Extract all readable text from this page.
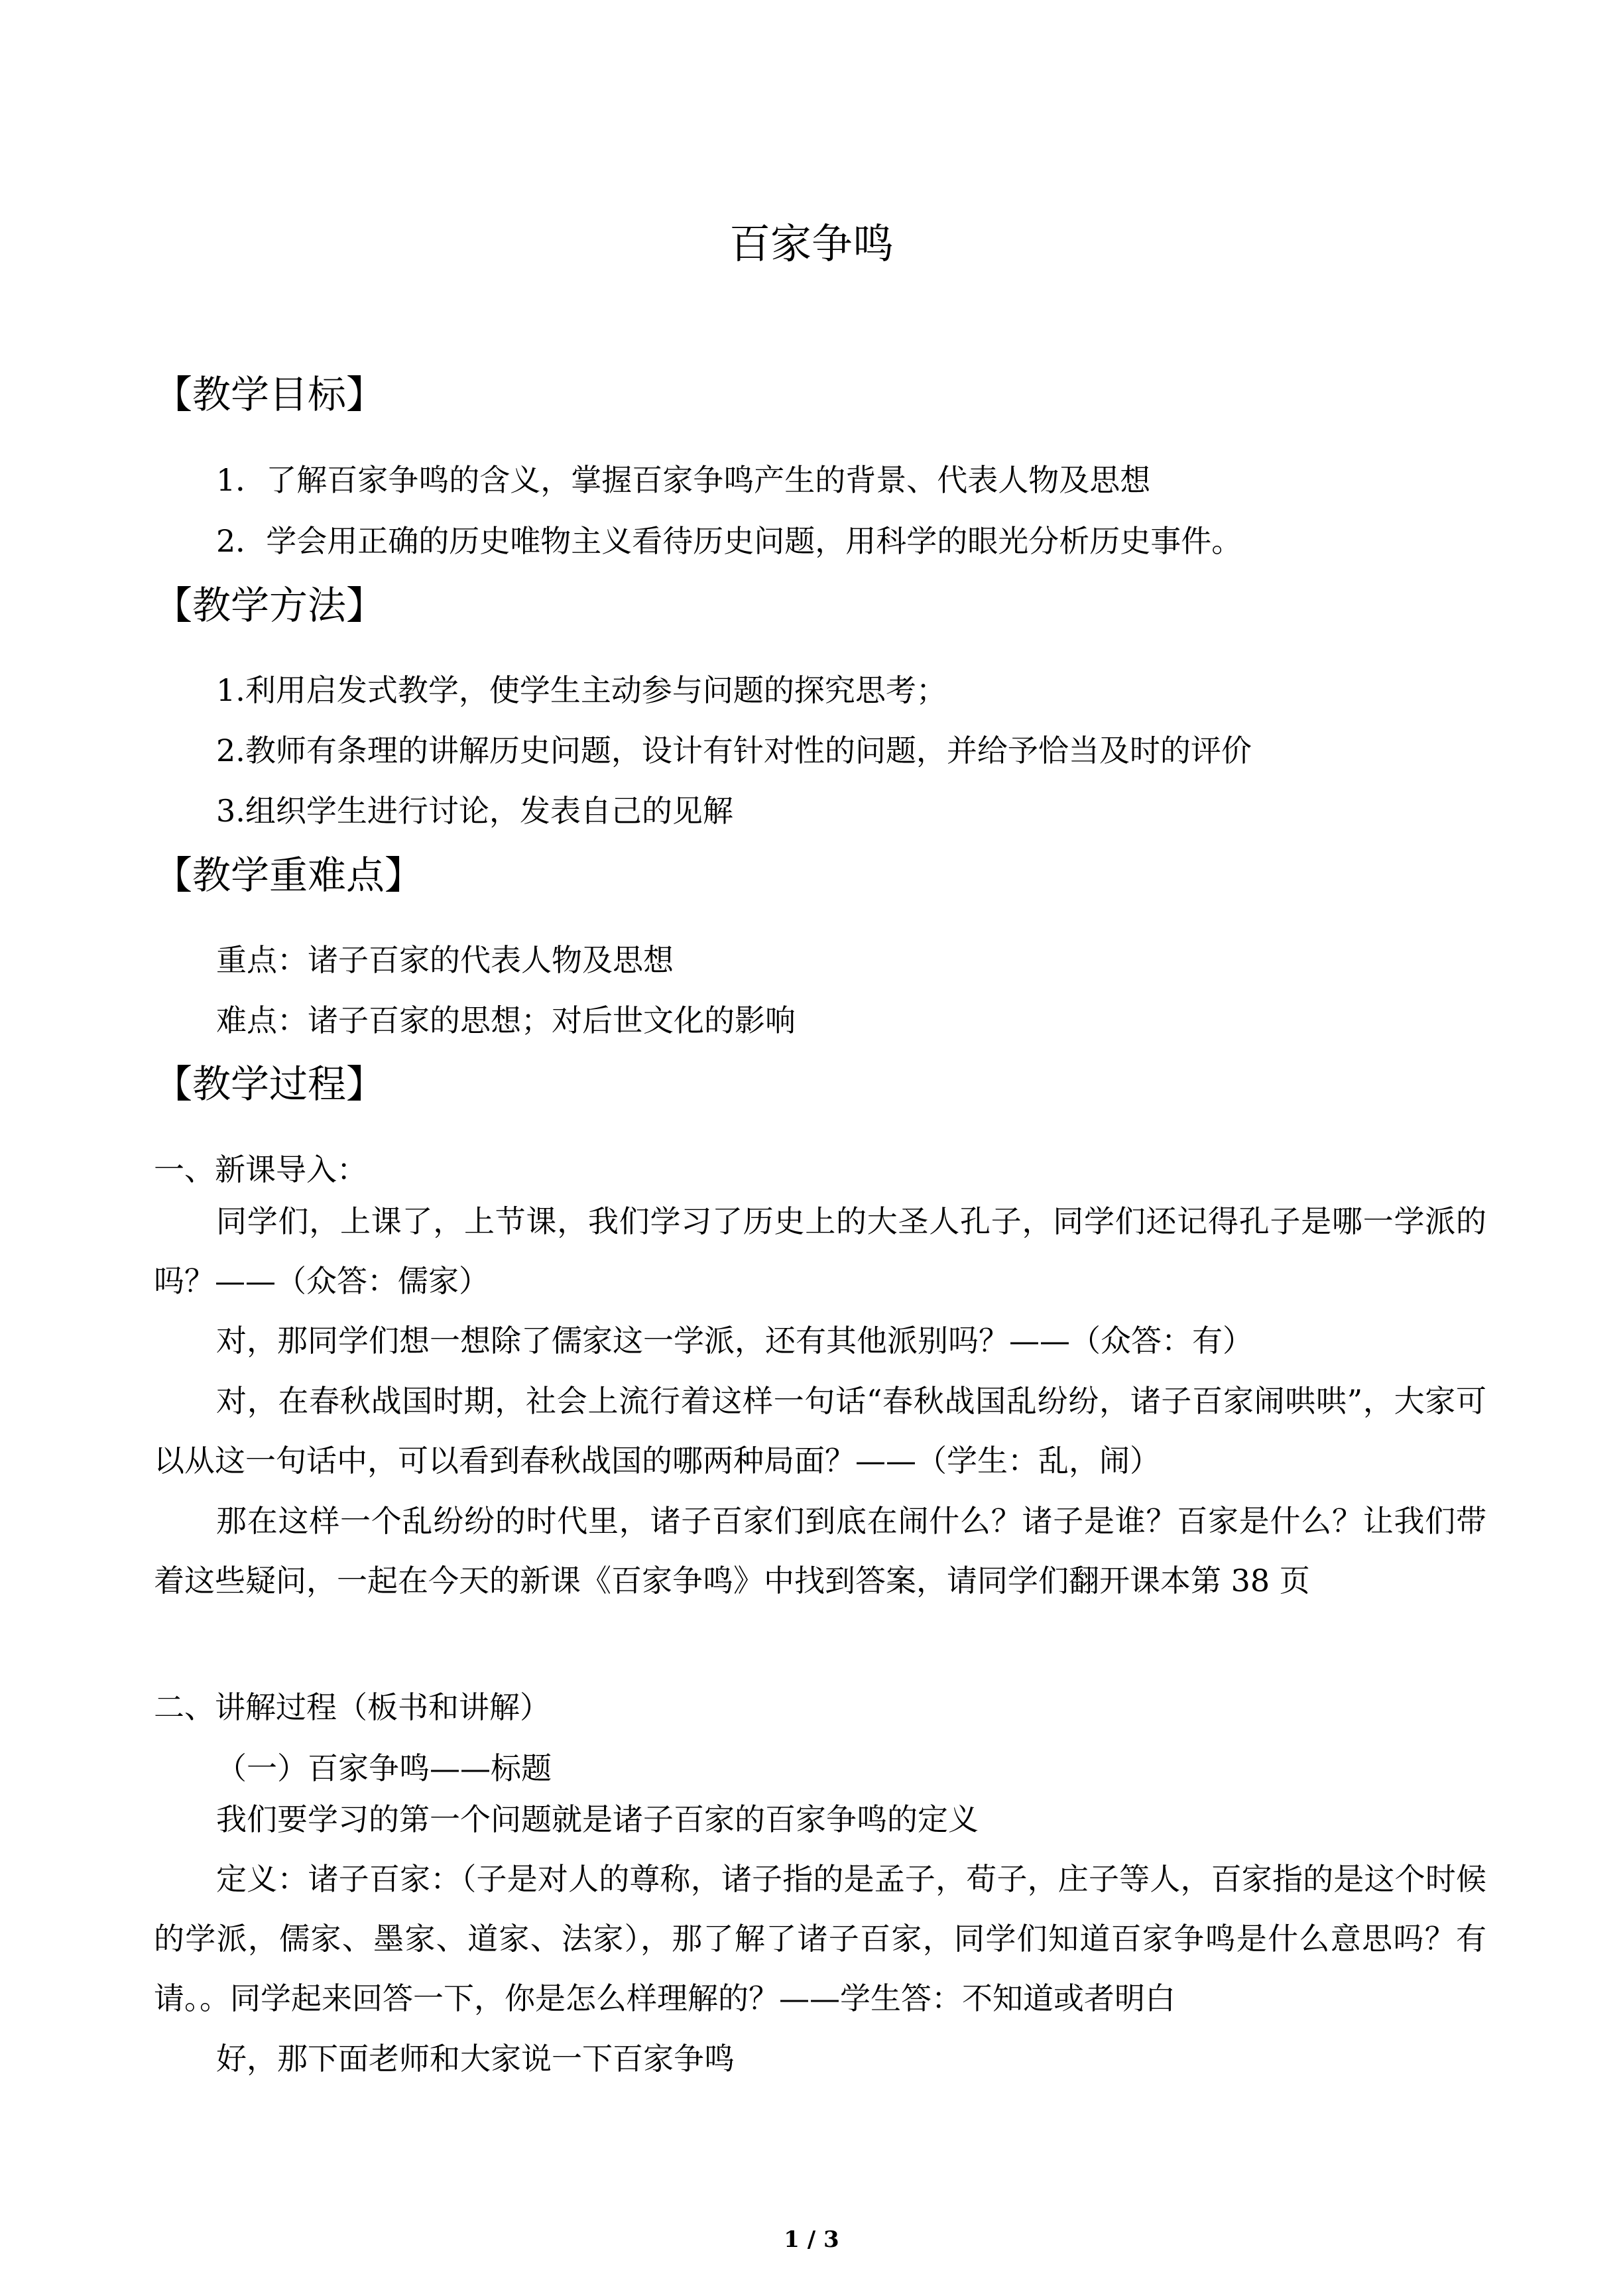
百家争鸣
【教学目标】
1．了解百家争鸣的含义，掌握百家争鸣产生的背景、代表人物及思想
2．学会用正确的历史唯物主义看待历史问题，用科学的眼光分析历史事件。
【教学方法】
1.利用启发式教学，使学生主动参与问题的探究思考；
2.教师有条理的讲解历史问题，设计有针对性的问题，并给予恰当及时的评价
3.组织学生进行讨论，发表自己的见解
【教学重难点】
重点：诸子百家的代表人物及思想
难点：诸子百家的思想；对后世文化的影响
【教学过程】
一、新课导入：
同学们，上课了，上节课，我们学习了历史上的大圣人孔子，同学们还记得孔子是哪一学派的吗？——（众答：儒家）
对，那同学们想一想除了儒家这一学派，还有其他派别吗？——（众答：有）
对，在春秋战国时期，社会上流行着这样一句话“春秋战国乱纷纷，诸子百家闹哄哄”，大家可以从这一句话中，可以看到春秋战国的哪两种局面？——（学生：乱，闹）
那在这样一个乱纷纷的时代里，诸子百家们到底在闹什么？诸子是谁？百家是什么？让我们带着这些疑问，一起在今天的新课《百家争鸣》中找到答案，请同学们翻开课本第 38 页
二、讲解过程（板书和讲解）
（一）百家争鸣——标题
我们要学习的第一个问题就是诸子百家的百家争鸣的定义
定义：诸子百家：（子是对人的尊称，诸子指的是孟子，荀子，庄子等人，百家指的是这个时候的学派，儒家、墨家、道家、法家），那了解了诸子百家，同学们知道百家争鸣是什么意思吗？有请。。同学起来回答一下，你是怎么样理解的？——学生答：不知道或者明白
好，那下面老师和大家说一下百家争鸣
1 / 3
